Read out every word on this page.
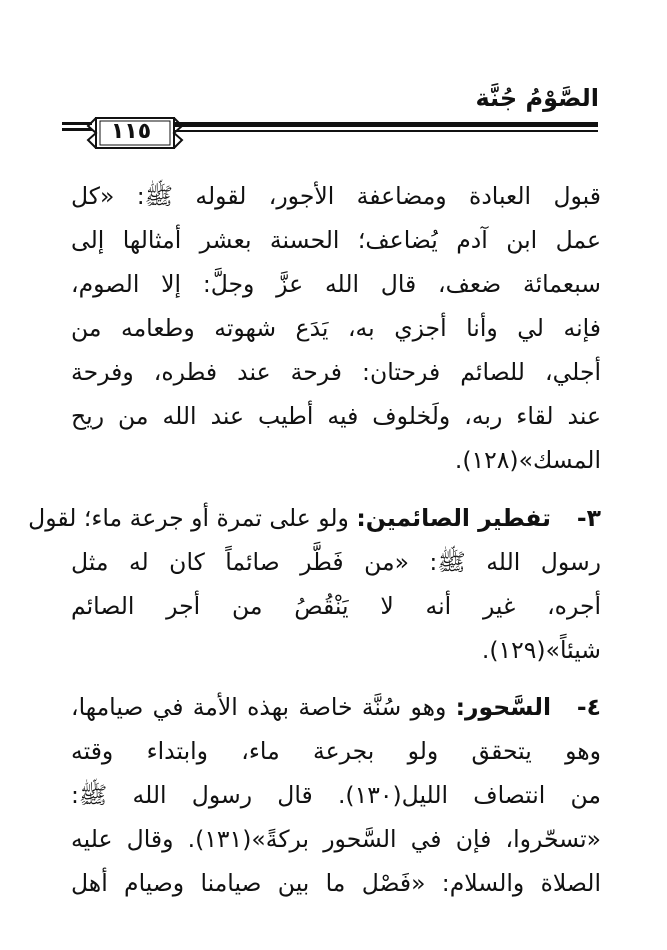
الصَّوْمُ جُنَّة
١١٥
قبول العبادة ومضاعفة الأجور، لقوله ﷺ: «كل
عمل ابن آدم يُضاعف؛ الحسنة بعشر أمثالها إلى
سبعمائة ضعف، قال الله عزَّ وجلَّ: إلا الصوم،
فإنه لي وأنا أجزي به، يَدَع شهوته وطعامه من
أجلي، للصائم فرحتان: فرحة عند فطره، وفرحة
عند لقاء ربه، ولَخلوف فيه أطيب عند الله من ريح
المسك»(١٢٨).
٣-
تفطير الصائمين: ولو على تمرة أو جرعة ماء؛ لقول
رسول الله ﷺ: «من فَطَّر صائماً كان له مثل
أجره، غير أنه لا يَنْقُصُ من أجر الصائم
شيئاً»(١٢٩).
٤-
السَّحور: وهو سُنَّة خاصة بهذه الأمة في صيامها،
وهو يتحقق ولو بجرعة ماء، وابتداء وقته
من انتصاف الليل(١٣٠). قال رسول الله ﷺ:
«تسحّروا، فإن في السَّحور بركةً»(١٣١). وقال عليه
الصلاة والسلام: «فَصْل ما بين صيامنا وصيام أهل
